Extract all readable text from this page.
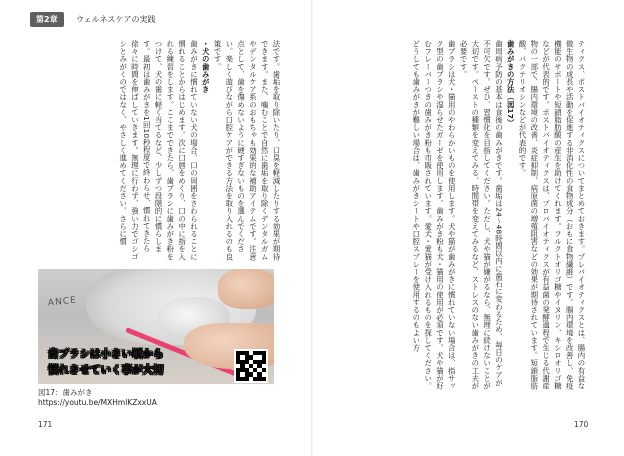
第2章	ウェルネスケアの実践
法です。歯垢を取り除いたり、口臭を軽減したりする効果が期待できます。また、噛むことで自然に歯垢を取り除くデンタルガムやデンタルケア系のおもちゃも効果的な補助アイテムです。注意点として、歯を傷めないように硬すぎないものを選んでください。楽しく遊びながら口腔ケアができる方法を取り入れるのも良策です。
・犬の歯みがき
歯みがきに慣れていない犬の場合、口の周囲をさわられることに慣れることからはじめます。次に口唇をめくり、口の中に指を入れる練習をします。ここまでできたら、歯ブラシに歯みがき粉をつけて、犬の歯に軽く当てるなど、少しずつ段階的に慣らします。最初は歯みがきを1回10秒程度で終わらせ、慣れてきたら徐々に時間を伸ばしていきます。無理に行わず、強い力でゴシゴシとみがくのではなく、やさしく進めてください。さらに慣
ANCE
歯ブラシは小さい頃から
慣れさせていく事が大切
図17：歯みがき
https://youtu.be/MXHmlKZxxUA
ティクス、ポストバイオティクスについてまとめておきます。プレバイオティクスとは、腸内の有益な微生物の成長や活動を促進する非消化性の食物成分（おもに食物繊維）です。腸内環境を改善し、免疫機能のサポートや短鎖脂肪酸の産生を助けてくれます。フルクトオリゴ糖やイヌリン、キシロオリゴ糖などが代表的です。ポストバイオティクスは、プロバイオティクスが有益菌の発酵過程で生じる代謝産物の一部で、腸内環境の改善、炎症抑制、病原菌の増殖阻害などの効果が期待されています。短鎖脂肪酸、バクテリオシンなどが代表的です。
歯みがきの方法（図17）
歯周病予防の基本は食後の歯みがきです。歯垢は24〜48時間以内に歯石に変わるため、毎日のケアが不可欠です。ぜひ、習慣化を目指してください。ただし、犬や猫が嫌がるなら、無理に続けないことが大切です。ペーストの種類を変えてみる、時間帯を変えてみるなど、ストレスのない歯みがきの工夫が必要です。
歯ブラシは犬・猫用のやわらかいものを使用します。犬や猫が歯みがきに慣れていない場合は、指サック型の歯ブラシや湿らせたガーゼを使用します。歯みがき粉も犬・猫用の使用が必須です。犬や猫が好むフレーバーつきの歯みがき粉も市販されています。愛犬・愛猫が受け入れるものを探してください。
どうしても歯みがきが難しい場合は、歯みがきシートや口腔スプレーを使用するのもよい方
171	170
